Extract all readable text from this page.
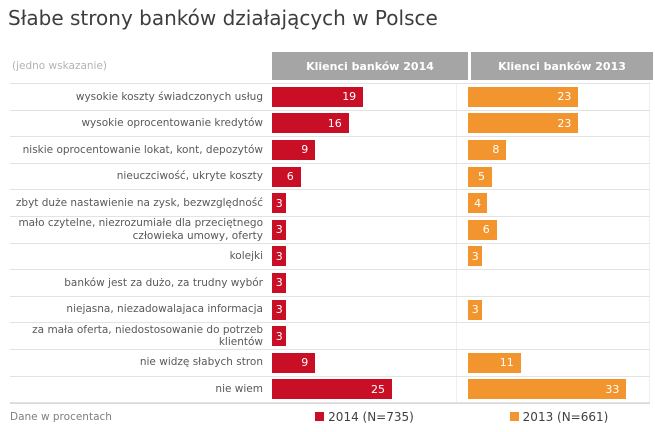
Słabe strony banków działających w Polsce
(jedno wskazanie)	Klienci banków 2014	Klienci banków 2013
wysokie koszty świadczonych usług	19	23
wysokie oprocentowanie kredytów	16	23
niskie oprocentowanie lokat, kont, depozytów	9	8
nieuczciwość, ukryte koszty	6	5
zbyt duże nastawienie na zysk, bezwzględność	3	4
mało czytelne, niezrozumiałe dla przeciętnego człowieka umowy, oferty	3	6
kolejki	3	3
banków jest za dużo, za trudny wybór	3
niejasna, niezadowalajaca informacja	3	3
za mała oferta, niedostosowanie do potrzeb klientów	3
nie widzę słabych stron	9	11
nie wiem	25	33
Dane w procentach	2014 (N=735)	2013 (N=661)
